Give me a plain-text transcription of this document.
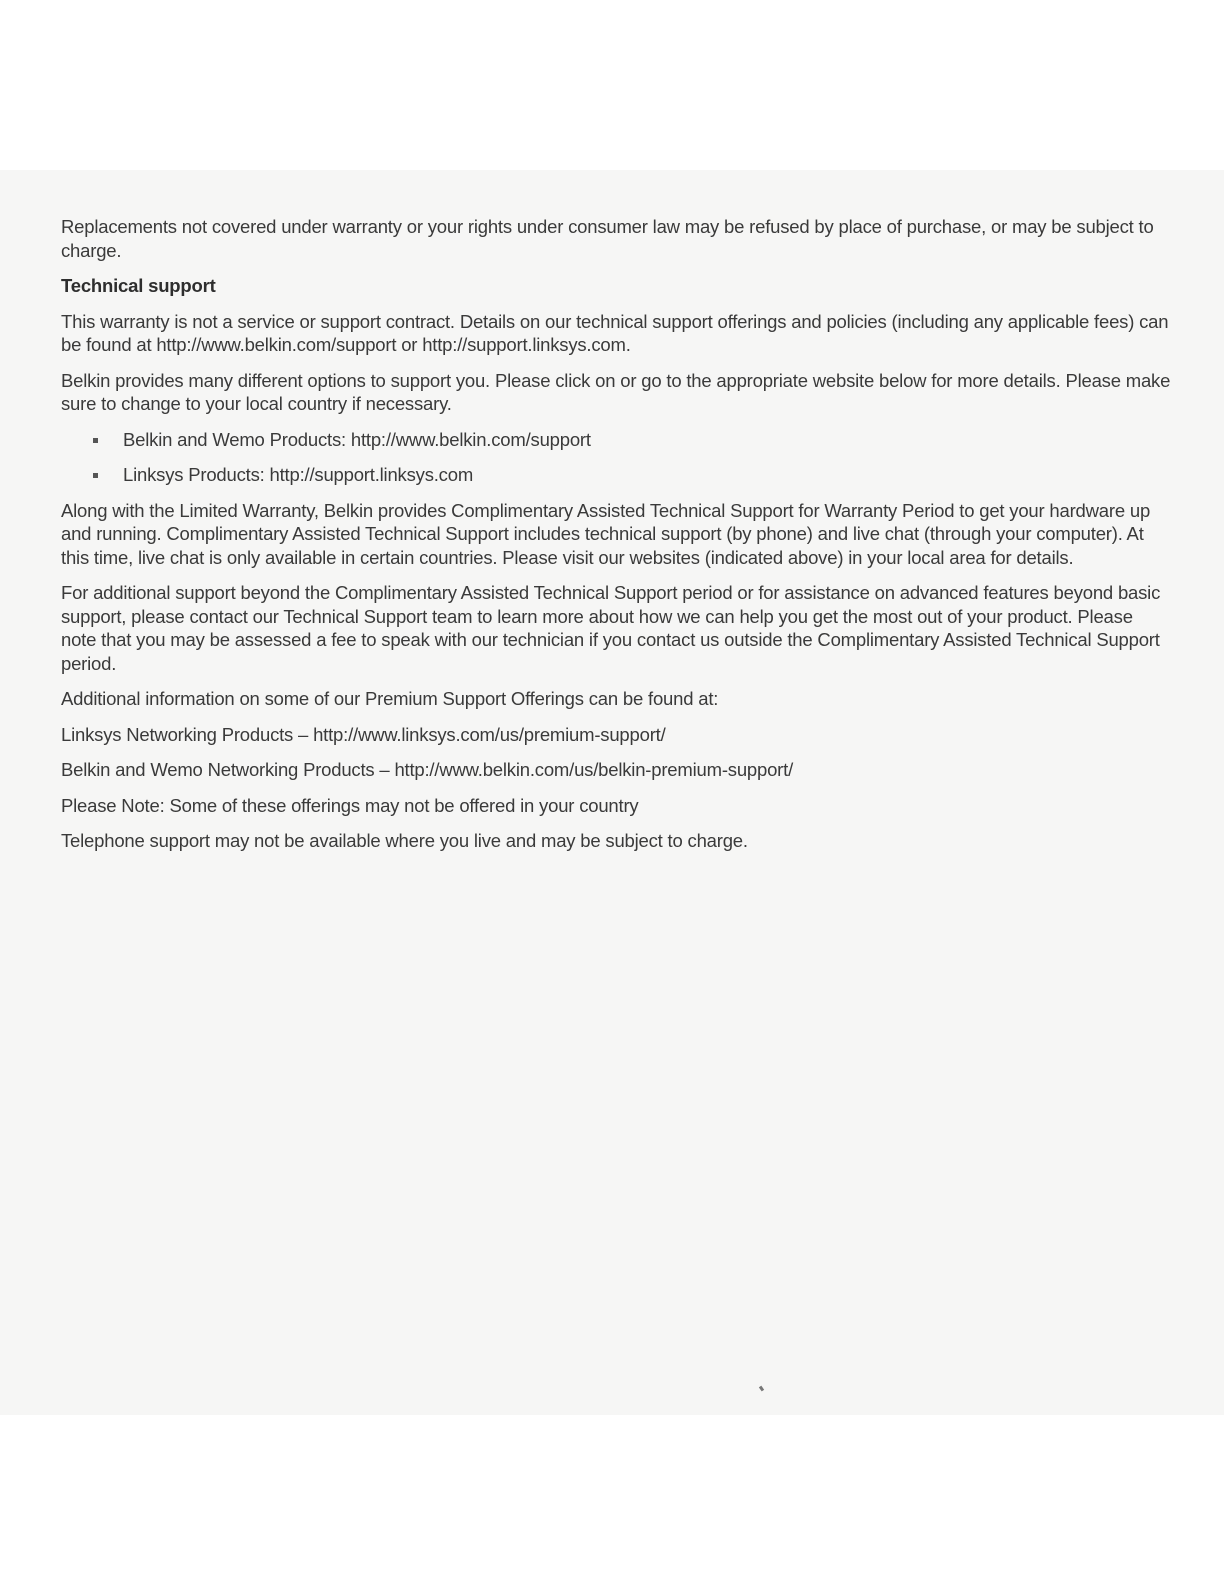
Replacements not covered under warranty or your rights under consumer law may be refused by place of purchase, or may be subject to charge.

Technical support

This warranty is not a service or support contract. Details on our technical support offerings and policies (including any applicable fees) can be found at http://www.belkin.com/support or http://support.linksys.com.

Belkin provides many different options to support you. Please click on or go to the appropriate website below for more details. Please make sure to change to your local country if necessary.

Belkin and Wemo Products: http://www.belkin.com/support
Linksys Products: http://support.linksys.com

Along with the Limited Warranty, Belkin provides Complimentary Assisted Technical Support for Warranty Period to get your hardware up and running. Complimentary Assisted Technical Support includes technical support (by phone) and live chat (through your computer). At this time, live chat is only available in certain countries. Please visit our websites (indicated above) in your local area for details.

For additional support beyond the Complimentary Assisted Technical Support period or for assistance on advanced features beyond basic support, please contact our Technical Support team to learn more about how we can help you get the most out of your product. Please note that you may be assessed a fee to speak with our technician if you contact us outside the Complimentary Assisted Technical Support period.

Additional information on some of our Premium Support Offerings can be found at:

Linksys Networking Products – http://www.linksys.com/us/premium-support/

Belkin and Wemo Networking Products – http://www.belkin.com/us/belkin-premium-support/

Please Note: Some of these offerings may not be offered in your country

Telephone support may not be available where you live and may be subject to charge.
